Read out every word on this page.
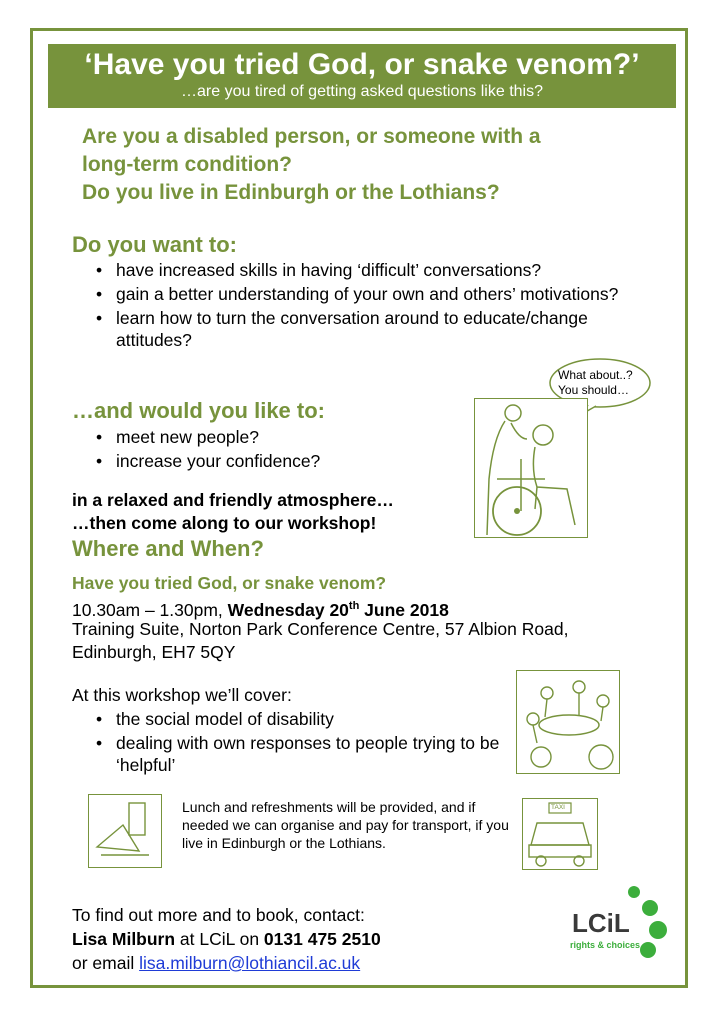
‘Have you tried God, or snake venom?’
…are you tired of getting asked questions like this?
Are you a disabled person, or someone with a
long-term condition?
Do you live in Edinburgh or the Lothians?
Do you want to:
• have increased skills in having ‘difficult’ conversations?
• gain a better understanding of your own and others’ motivations?
• learn how to turn the conversation around to educate/change attitudes?
…and would you like to:
• meet new people?
• increase your confidence?
What about..?
You should…
in a relaxed and friendly atmosphere…
…then come along to our workshop!
Where and When?
Have you tried God, or snake venom?
10.30am – 1.30pm, Wednesday 20th June 2018
Training Suite, Norton Park Conference Centre, 57 Albion Road,
Edinburgh, EH7 5QY
At this workshop we’ll cover:
• the social model of disability
• dealing with own responses to people trying to be ‘helpful’
Lunch and refreshments will be provided, and if needed we can organise and pay for transport, if you live in Edinburgh or the Lothians.
TAXI
To find out more and to book, contact:
Lisa Milburn at LCiL on 0131 475 2510
or email lisa.milburn@lothiancil.ac.uk
LCiL
rights & choices
